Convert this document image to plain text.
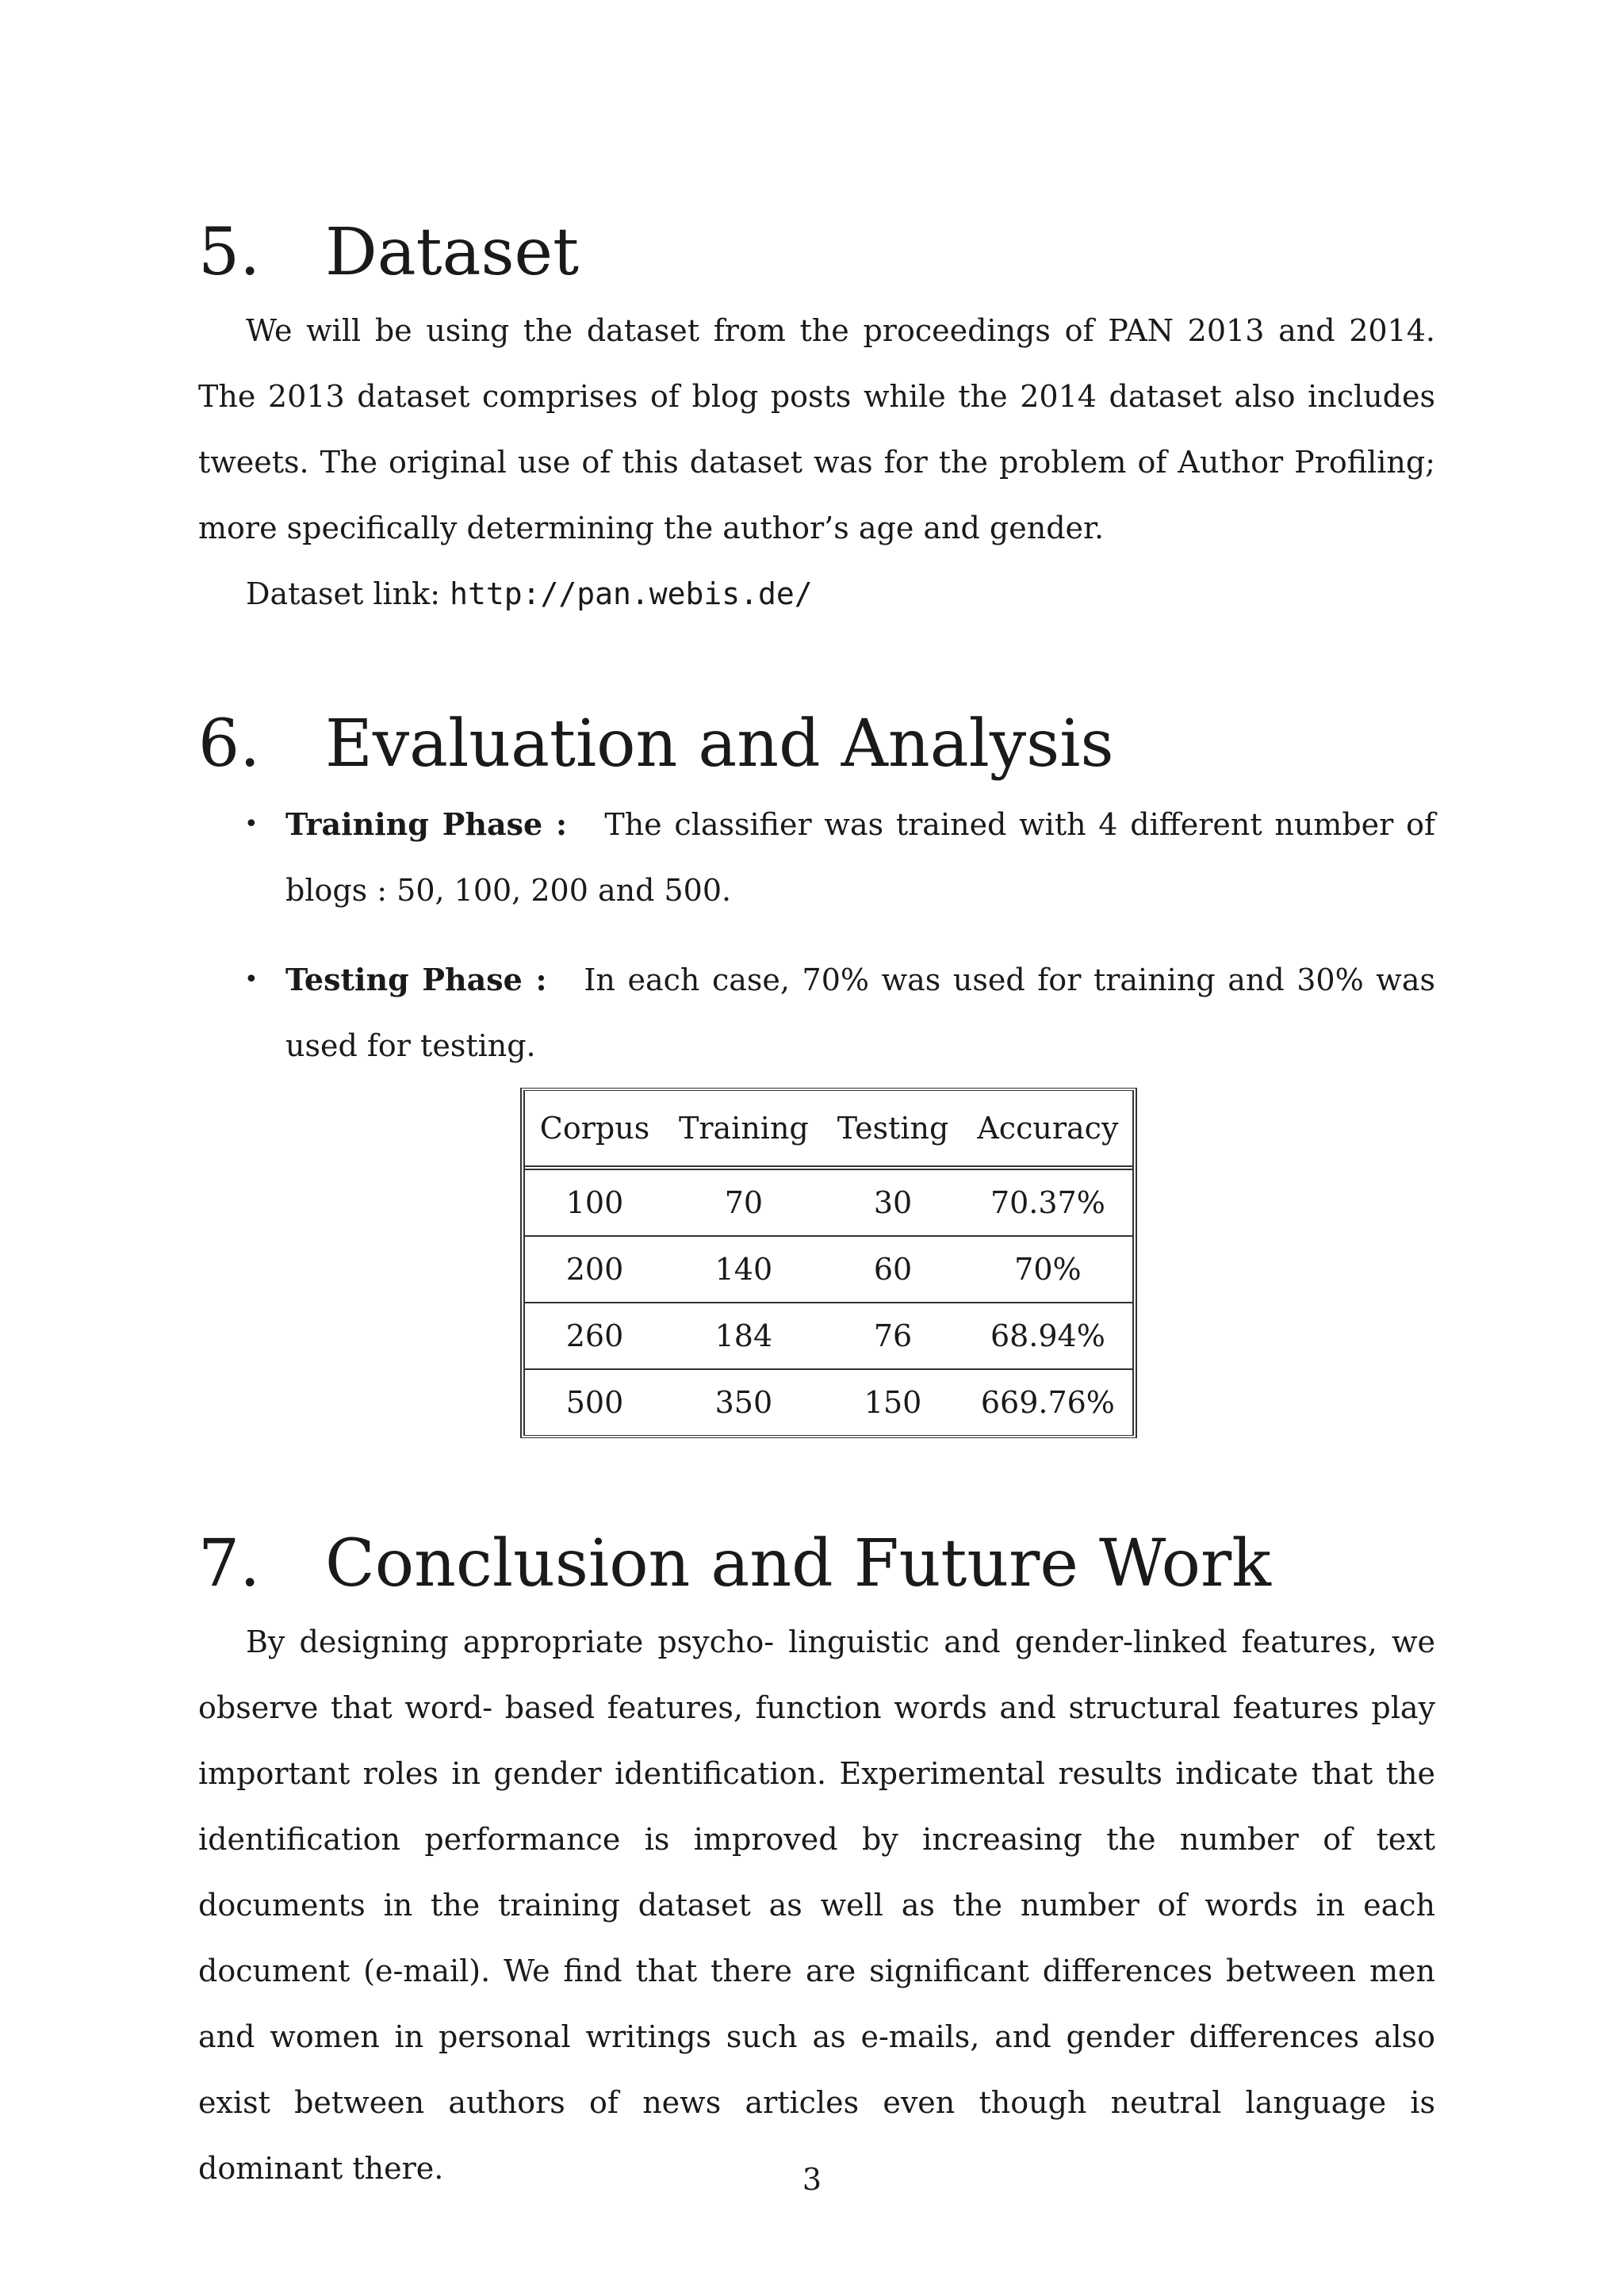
5. Dataset

We will be using the dataset from the proceedings of PAN 2013 and 2014. The 2013 dataset comprises of blog posts while the 2014 dataset also includes tweets. The original use of this dataset was for the problem of Author Profiling; more specifically determining the author’s age and gender.

Dataset link: http://pan.webis.de/

6. Evaluation and Analysis
• Training Phase : The classifier was trained with 4 different number of blogs : 50, 100, 200 and 500.
• Testing Phase : In each case, 70% was used for training and 30% was used for testing.
Corpus	Training	Testing	Accuracy
100	70	30	70.37%
200	140	60	70%
260	184	76	68.94%
500	350	150	669.76%
7. Conclusion and Future Work

By designing appropriate psycho- linguistic and gender-linked features, we observe that word- based features, function words and structural features play important roles in gender identification. Experimental results indicate that the identification performance is improved by increasing the number of text documents in the training dataset as well as the number of words in each document (e-mail). We find that there are significant differences between men and women in personal writings such as e-mails, and gender differences also exist between authors of news articles even though neutral language is dominant there.	3
